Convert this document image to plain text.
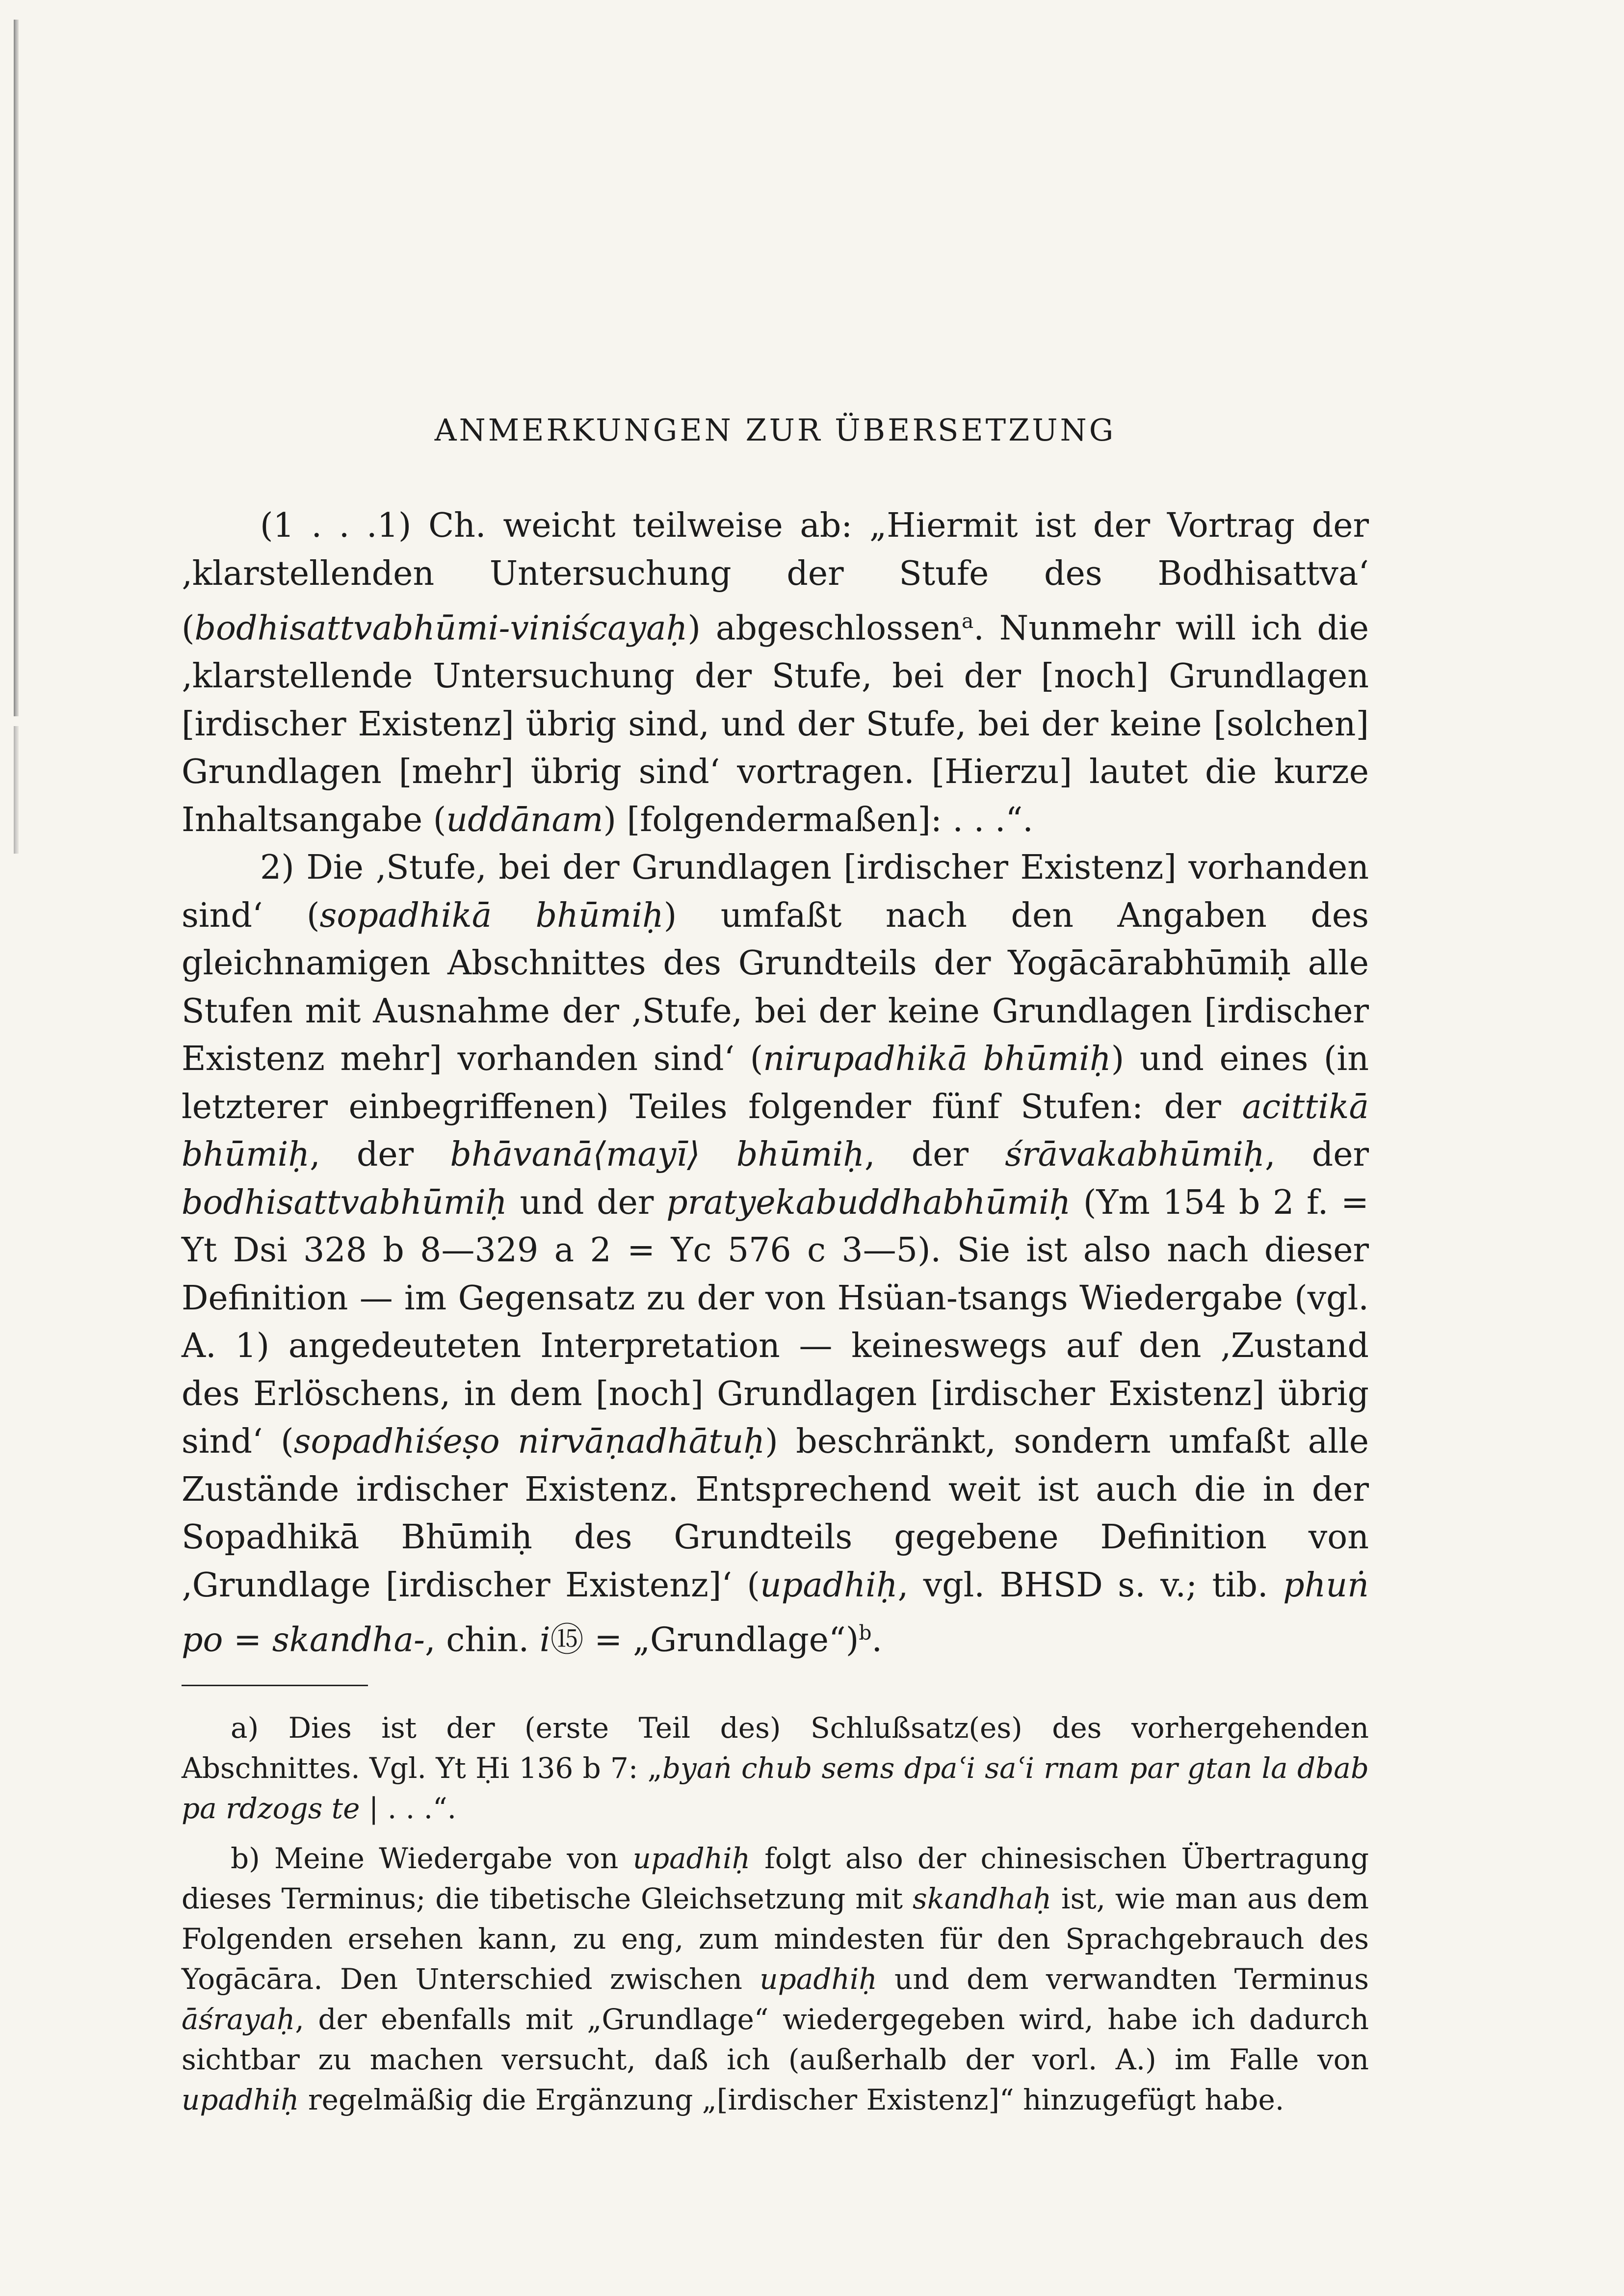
ANMERKUNGEN ZUR ÜBERSETZUNG

(1 . . .1) Ch. weicht teilweise ab: „Hiermit ist der Vortrag der ‚klarstellenden Untersuchung der Stufe des Bodhisattva‘ (bodhisattvabhūmi-viniścayaḥ) abgeschlossen$^a$. Nunmehr will ich die ‚klarstellende Untersuchung der Stufe, bei der [noch] Grundlagen [irdischer Existenz] übrig sind, und der Stufe, bei der keine [solchen] Grundlagen [mehr] übrig sind‘ vortragen. [Hierzu] lautet die kurze Inhaltsangabe (uddānam) [folgendermaßen]: . . .“.

2) Die ‚Stufe, bei der Grundlagen [irdischer Existenz] vorhanden sind‘ (sopadhikā bhūmiḥ) umfaßt nach den Angaben des gleichnamigen Abschnittes des Grundteils der Yogācārabhūmiḥ alle Stufen mit Ausnahme der ‚Stufe, bei der keine Grundlagen [irdischer Existenz mehr] vorhanden sind‘ (nirupadhikā bhūmiḥ) und eines (in letzterer einbegriffenen) Teiles folgender fünf Stufen: der acittikā bhūmiḥ, der bhāvanā⟨mayī⟩ bhūmiḥ, der śrāvakabhūmiḥ, der bodhisattvabhūmiḥ und der pratyekabuddhabhūmiḥ (Ym 154 b 2 f. = Yt Dsi 328 b 8—329 a 2 = Yc 576 c 3—5). Sie ist also nach dieser Definition — im Gegensatz zu der von Hsüan-tsangs Wiedergabe (vgl. A. 1) angedeuteten Interpretation — keineswegs auf den ‚Zustand des Erlöschens, in dem [noch] Grundlagen [irdischer Existenz] übrig sind‘ (sopadhiśeṣo nirvāṇadhātuḥ) beschränkt, sondern umfaßt alle Zustände irdischer Existenz. Entsprechend weit ist auch die in der Sopadhikā Bhūmiḥ des Grundteils gegebene Definition von ‚Grundlage [irdischer Existenz]‘ (upadhiḥ, vgl. BHSD s. v.; tib. phuṅ po = skandha-, chin. i⑮ = „Grundlage“)$^b$.

a) Dies ist der (erste Teil des) Schlußsatz(es) des vorhergehenden Abschnittes. Vgl. Yt Ḥi 136 b 7: „byaṅ chub sems dpaʿi saʿi rnam par gtan la dbab pa rdzogs te | . . .“.

b) Meine Wiedergabe von upadhiḥ folgt also der chinesischen Übertragung dieses Terminus; die tibetische Gleichsetzung mit skandhaḥ ist, wie man aus dem Folgenden ersehen kann, zu eng, zum mindesten für den Sprachgebrauch des Yogācāra. Den Unterschied zwischen upadhiḥ und dem verwandten Terminus āśrayaḥ, der ebenfalls mit „Grundlage“ wiedergegeben wird, habe ich dadurch sichtbar zu machen versucht, daß ich (außerhalb der vorl. A.) im Falle von upadhiḥ regelmäßig die Ergänzung „[irdischer Existenz]“ hinzugefügt habe.
